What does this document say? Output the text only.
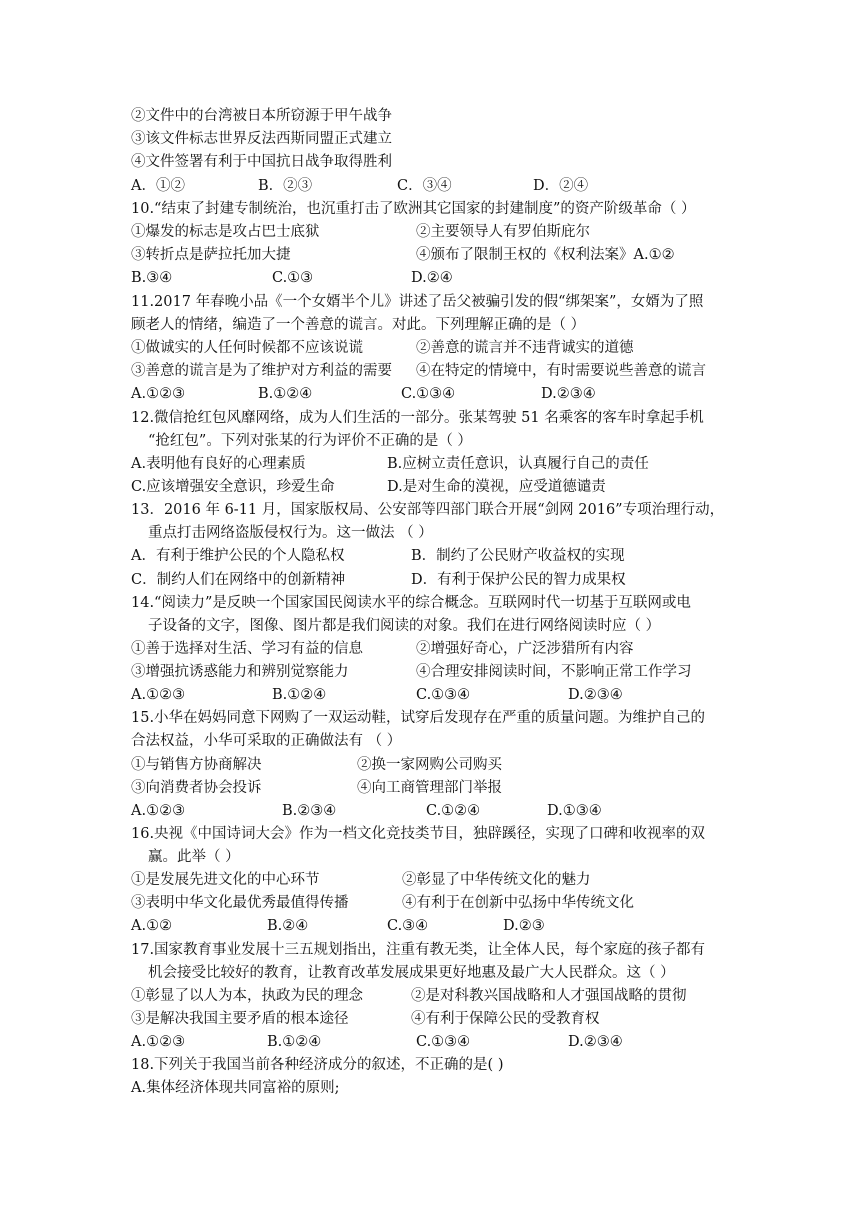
②文件中的台湾被日本所窃源于甲午战争
③该文件标志世界反法西斯同盟正式建立
④文件签署有利于中国抗日战争取得胜利
A．①②	B．②③	C．③④	D．②④
10.“结束了封建专制统治，也沉重打击了欧洲其它国家的封建制度”的资产阶级革命（ ）
①爆发的标志是攻占巴士底狱	②主要领导人有罗伯斯庇尔
③转折点是萨拉托加大捷	④颁布了限制王权的《权利法案》A.①②
B.③④	C.①③	D.②④
11.2017 年春晚小品《一个女婿半个儿》讲述了岳父被骗引发的假“绑架案”，女婿为了照
顾老人的情绪，编造了一个善意的谎言。对此。下列理解正确的是（ ）
①做诚实的人任何时候都不应该说谎	②善意的谎言并不违背诚实的道德
③善意的谎言是为了维护对方利益的需要 ④在特定的情境中，有时需要说些善意的谎言
A.①②③	B.①②④	C.①③④	D.②③④
12.微信抢红包风靡网络，成为人们生活的一部分。张某驾驶 51 名乘客的客车时拿起手机
“抢红包”。下列对张某的行为评价不正确的是（ ）
A.表明他有良好的心理素质	B.应树立责任意识，认真履行自己的责任
C.应该增强安全意识，珍爱生命	D.是对生命的漠视，应受道德谴责
13．2016 年 6-11 月，国家版权局、公安部等四部门联合开展“剑网 2016”专项治理行动，
重点打击网络盗版侵权行为。这一做法 （ ）
A．有利于维护公民的个人隐私权	B．制约了公民财产收益权的实现
C．制约人们在网络中的创新精神	D．有利于保护公民的智力成果权
14.“阅读力”是反映一个国家国民阅读水平的综合概念。互联网时代一切基于互联网或电
子设备的文字，图像、图片都是我们阅读的对象。我们在进行网络阅读时应（ ）
①善于选择对生活、学习有益的信息	②增强好奇心，广泛涉猎所有内容
③增强抗诱惑能力和辨别觉察能力	④合理安排阅读时间，不影响正常工作学习
A.①②③	B.①②④	C.①③④	D.②③④
15.小华在妈妈同意下网购了一双运动鞋，试穿后发现存在严重的质量问题。为维护自己的
合法权益，小华可采取的正确做法有 （ ）
①与销售方协商解决	②换一家网购公司购买
③向消费者协会投诉	④向工商管理部门举报
A.①②③	B.②③④	C.①②④	D.①③④
16.央视《中国诗词大会》作为一档文化竞技类节目，独辟蹊径，实现了口碑和收视率的双
赢。此举（ ）
①是发展先进文化的中心环节	②彰显了中华传统文化的魅力
③表明中华文化最优秀最值得传播	④有利于在创新中弘扬中华传统文化
A.①②	B.②④	C.③④	D.②③
17.国家教育事业发展十三五规划指出，注重有教无类，让全体人民，每个家庭的孩子都有
机会接受比较好的教育，让教育改革发展成果更好地惠及最广大人民群众。这（ ）
①彰显了以人为本，执政为民的理念	②是对科教兴国战略和人才强国战略的贯彻
③是解决我国主要矛盾的根本途径	④有利于保障公民的受教育权
A.①②③	B.①②④	C.①③④	D.②③④
18.下列关于我国当前各种经济成分的叙述，不正确的是( )
A.集体经济体现共同富裕的原则;
